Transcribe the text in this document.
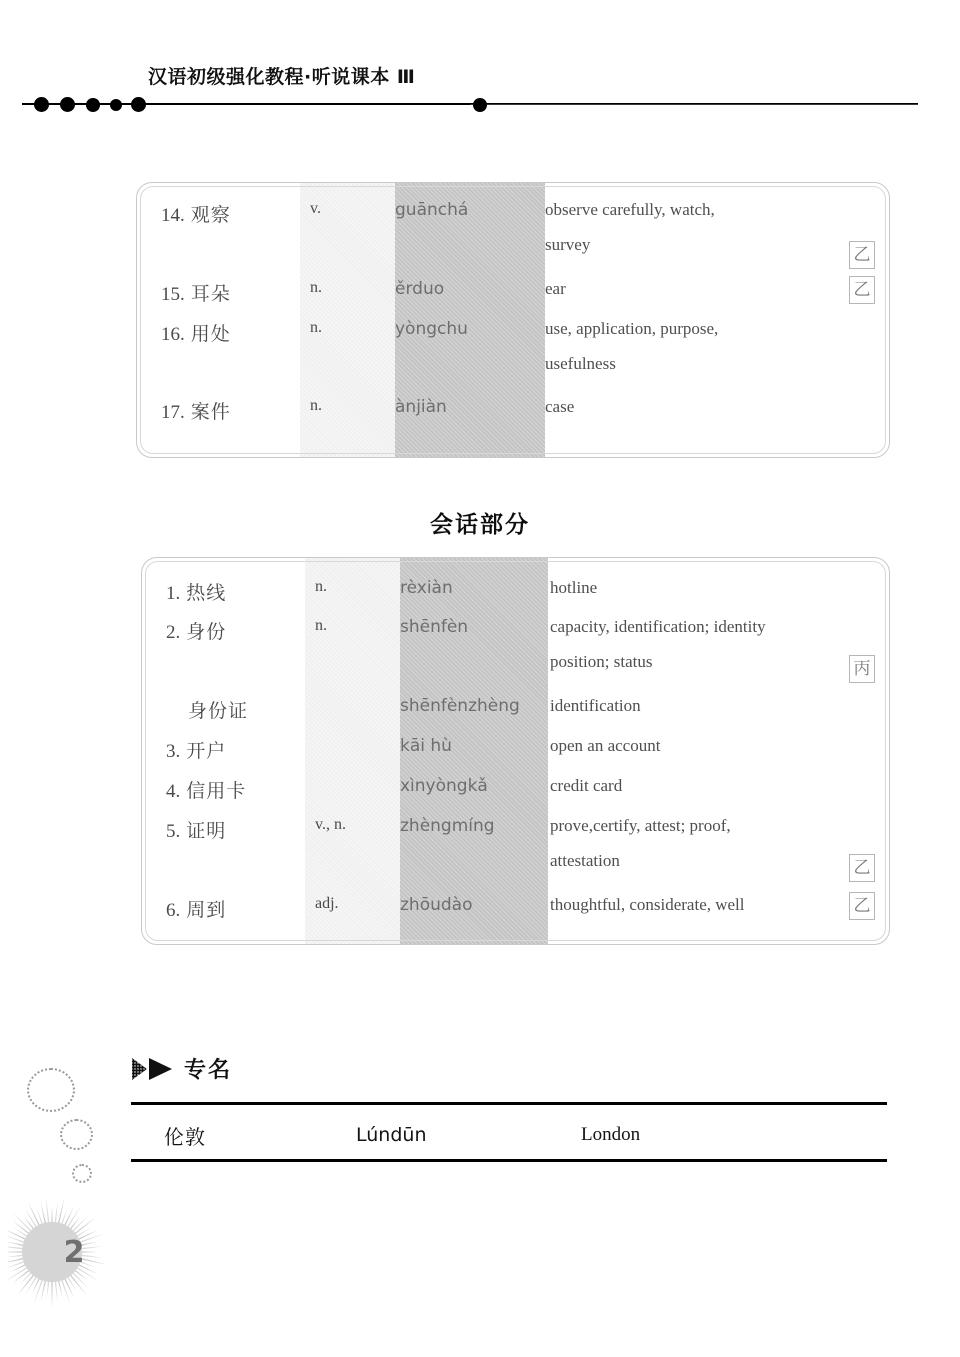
汉语初级强化教程·听说课本 Ⅲ
14. 观察	v.	guānchá	observe carefully, watch,
survey
乙
15. 耳朵	n.	ěrduo	ear	乙
16. 用处	n.	yòngchu	use, application, purpose,
usefulness
17. 案件	n.	ànjiàn	case
会话部分
1. 热线	n.	rèxiàn	hotline
2. 身份	n.	shēnfèn	capacity, identification; identity
position; status	丙
身份证	shēnfènzhèng	identification
3. 开户	kāi hù	open an account
4. 信用卡	xìnyòngkǎ	credit card
5. 证明	v., n.	zhèngmíng	prove,certify, attest; proof,
attestation	乙
6. 周到	adj.	zhōudào	thoughtful, considerate, well	乙
专名
伦敦	Lúndūn	London
2
